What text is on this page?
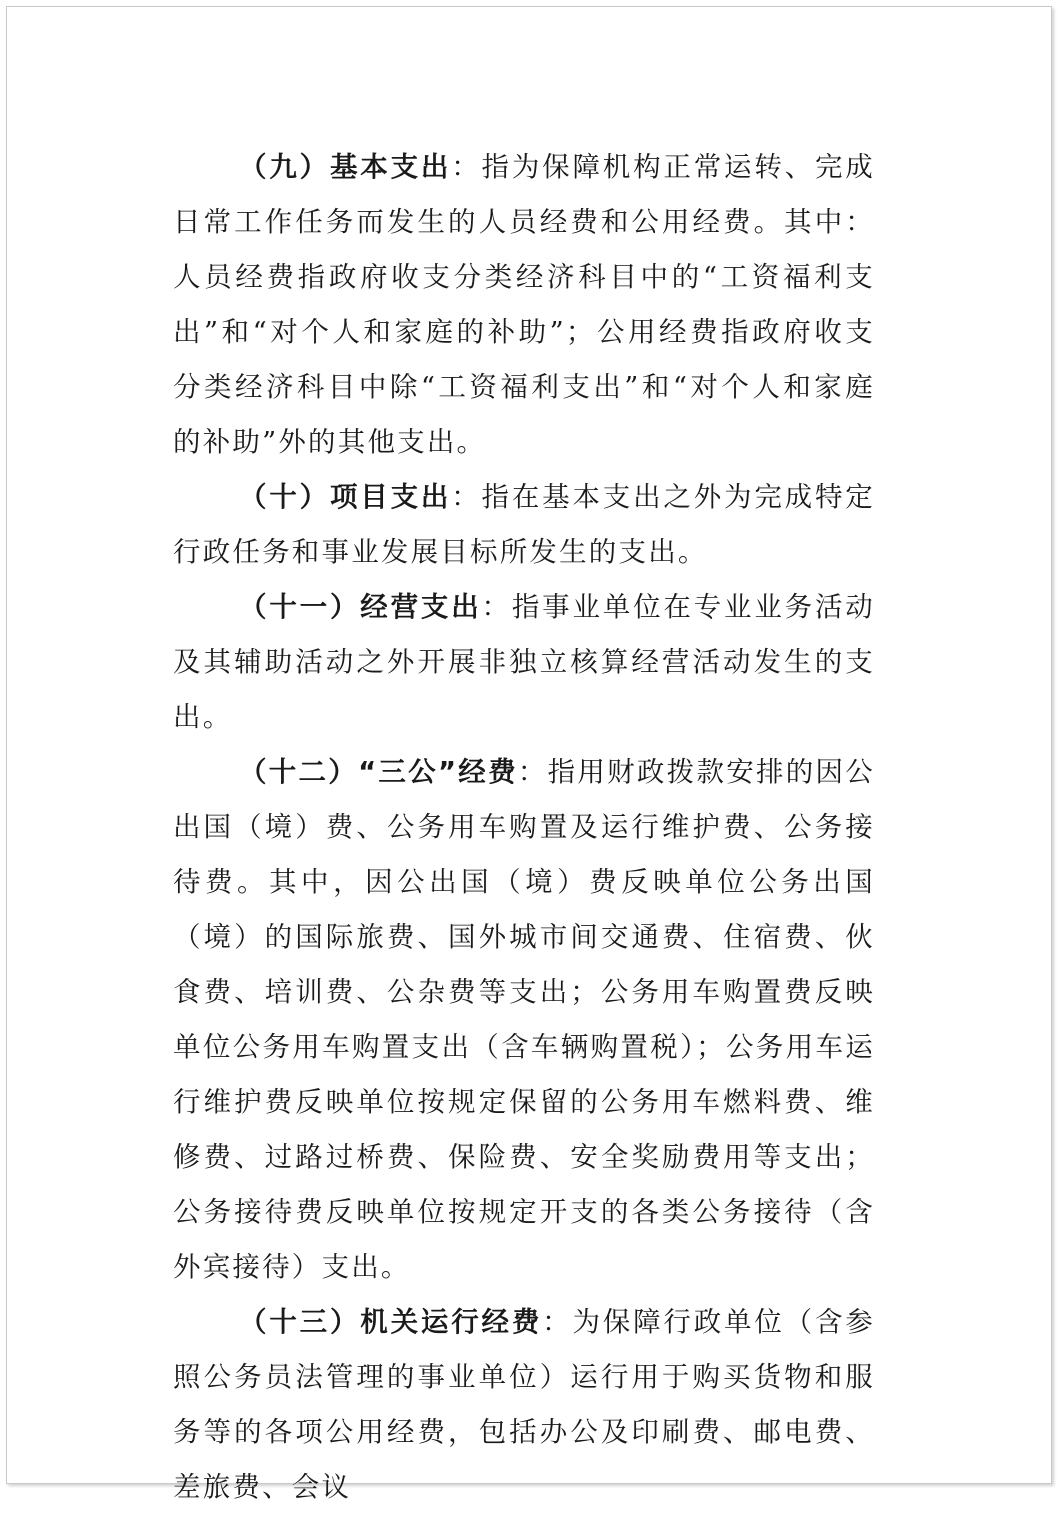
（九）基本支出：指为保障机构正常运转、完成日常工作任务而发生的人员经费和公用经费。其中：人员经费指政府收支分类经济科目中的“工资福利支出”和“对个人和家庭的补助”；公用经费指政府收支分类经济科目中除“工资福利支出”和“对个人和家庭的补助”外的其他支出。

（十）项目支出：指在基本支出之外为完成特定行政任务和事业发展目标所发生的支出。

（十一）经营支出：指事业单位在专业业务活动及其辅助活动之外开展非独立核算经营活动发生的支出。

（十二）“三公”经费：指用财政拨款安排的因公出国（境）费、公务用车购置及运行维护费、公务接待费。其中，因公出国（境）费反映单位公务出国（境）的国际旅费、国外城市间交通费、住宿费、伙食费、培训费、公杂费等支出；公务用车购置费反映单位公务用车购置支出（含车辆购置税）；公务用车运行维护费反映单位按规定保留的公务用车燃料费、维修费、过路过桥费、保险费、安全奖励费用等支出；公务接待费反映单位按规定开支的各类公务接待（含外宾接待）支出。

（十三）机关运行经费：为保障行政单位（含参照公务员法管理的事业单位）运行用于购买货物和服务等的各项公用经费，包括办公及印刷费、邮电费、差旅费、会议
